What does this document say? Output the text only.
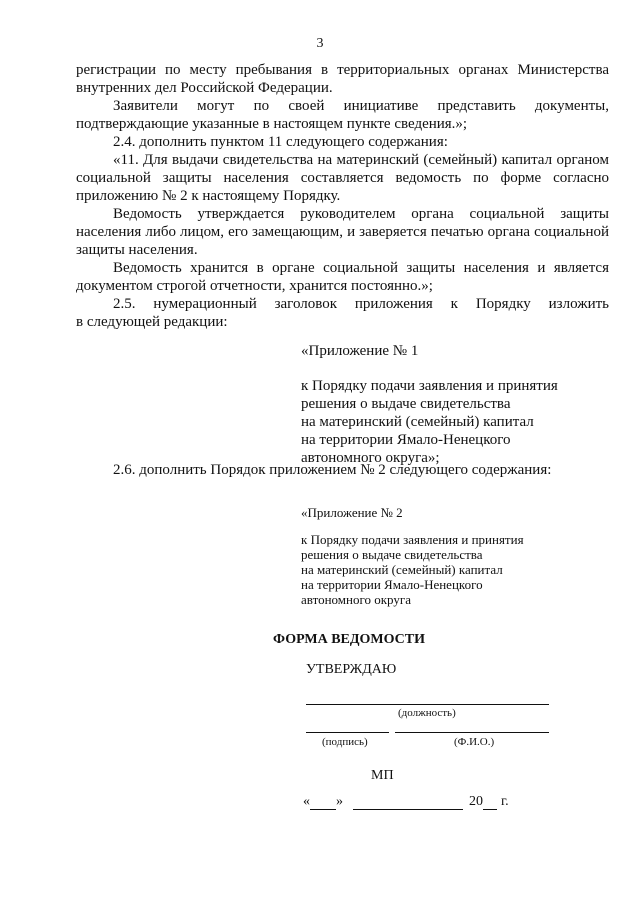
3

регистрации по месту пребывания в территориальных органах Министерства внутренних дел Российской Федерации.

Заявители могут по своей инициативе представить документы, подтверждающие указанные в настоящем пункте сведения.»;

2.4. дополнить пунктом 11 следующего содержания:

«11. Для выдачи свидетельства на материнский (семейный) капитал органом социальной защиты населения составляется ведомость по форме согласно приложению № 2 к настоящему Порядку.

Ведомость утверждается руководителем органа социальной защиты населения либо лицом, его замещающим, и заверяется печатью органа социальной защиты населения.

Ведомость хранится в органе социальной защиты населения и является документом строгой отчетности, хранится постоянно.»;

2.5. нумерационный заголовок приложения к Порядку изложить

в следующей редакции:

«Приложение № 1
к Порядку подачи заявления и принятия
решения о выдаче свидетельства
на материнский (семейный) капитал
на территории Ямало-Ненецкого
автономного округа»;
2.6. дополнить Порядок приложением № 2 следующего содержания:
«Приложение № 2
к Порядку подачи заявления и принятия
решения о выдаче свидетельства
на материнский (семейный) капитал
на территории Ямало-Ненецкого
автономного округа
ФОРМА ВЕДОМОСТИ
УТВЕРЖДАЮ
(должность)
(подпись)	(Ф.И.О.)
МП
« »	20 г.
